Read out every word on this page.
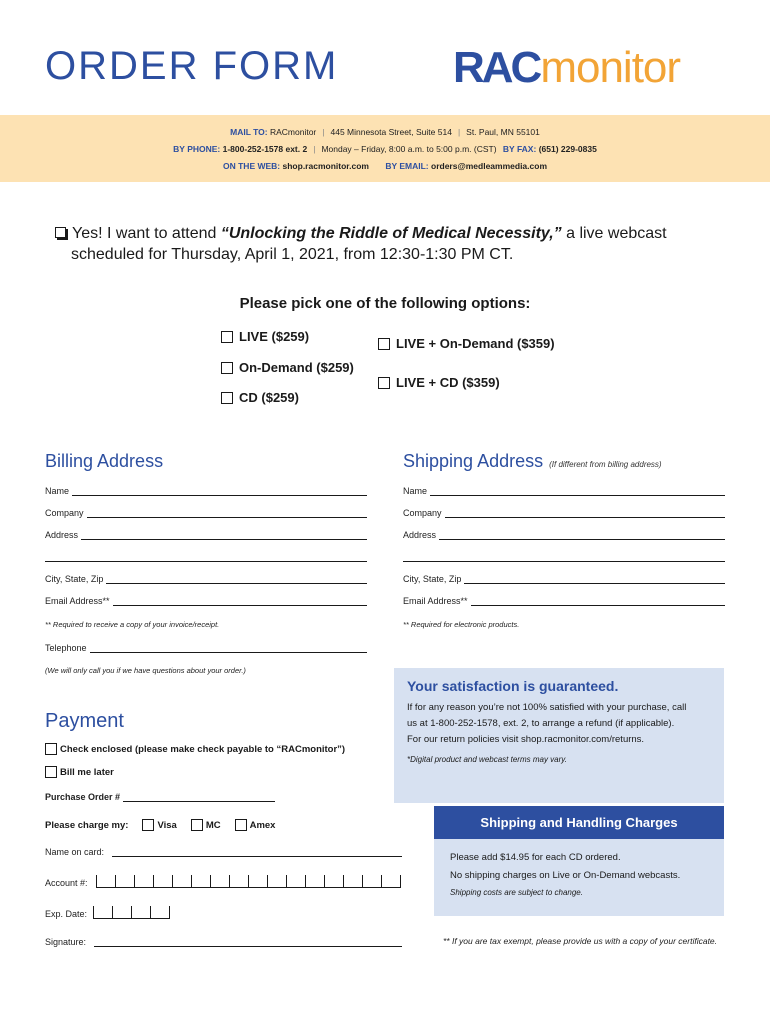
ORDER FORM	RAC monitor
MAIL TO: RACmonitor | 445 Minnesota Street, Suite 514 | St. Paul, MN 55101
BY PHONE: 1-800-252-1578 ext. 2 | Monday – Friday, 8:00 a.m. to 5:00 p.m. (CST) BY FAX: (651) 229-0835
ON THE WEB: shop.racmonitor.com BY EMAIL: orders@medleammedia.com
Yes! I want to attend “Unlocking the Riddle of Medical Necessity,” a live webcast
scheduled for Thursday, April 1, 2021, from 12:30-1:30 PM CT.
Please pick one of the following options:
LIVE ($259)
On-Demand ($259)
CD ($259)
LIVE + On-Demand ($359)
LIVE + CD ($359)
Billing Address
Name
Company
Address
City, State, Zip
Email Address**
** Required to receive a copy of your invoice/receipt.
Telephone
(We will only call you if we have questions about your order.)
Shipping Address (If different from billing address)
Name
Company
Address
City, State, Zip
Email Address**
** Required for electronic products.
Your satisfaction is guaranteed.

If for any reason you’re not 100% satisfied with your purchase, call

us at 1-800-252-1578, ext. 2, to arrange a refund (if applicable).

For our return policies visit shop.racmonitor.com/returns.

*Digital product and webcast terms may vary.

Payment
Check enclosed (please make check payable to “RACmonitor”)
Bill me later
Purchase Order #
Please charge my:	Visa	MC	Amex
Name on card:
Account #:
Exp. Date:
Signature:
Shipping and Handling Charges

Please add $14.95 for each CD ordered.

No shipping charges on Live or On-Demand webcasts.

Shipping costs are subject to change.

** If you are tax exempt, please provide us with a copy of your certificate.
